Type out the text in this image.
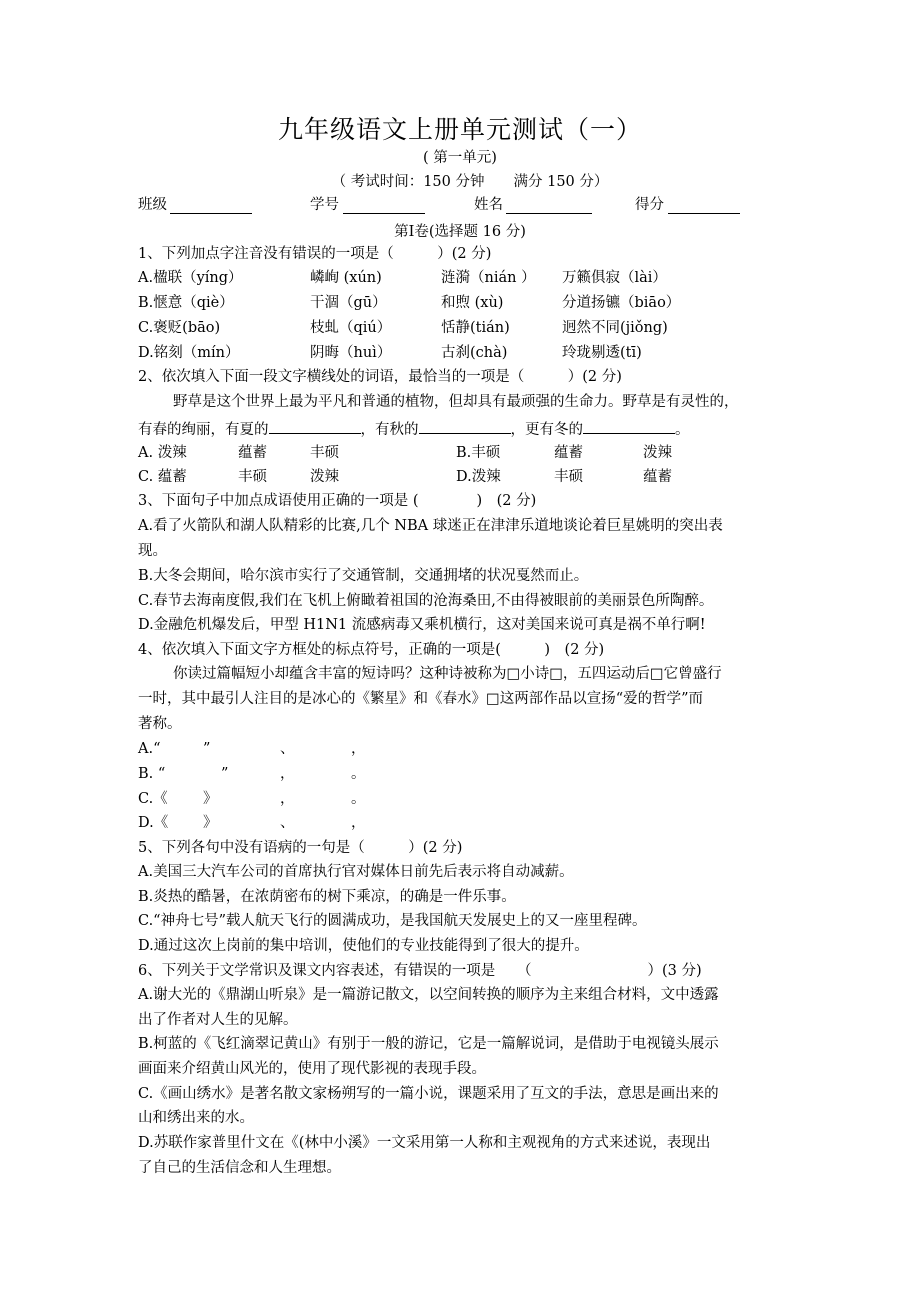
九年级语文上册单元测试（一）
( 第一单元)
（ 考试时间：150 分钟　　满分 150 分）
班级	学号	姓名	得分
第Ⅰ卷(选择题 16 分)
1、下列加点字注音没有错误的一项是（　　　）(2 分)
A.楹联（yíng）	嶙峋 (xún)	涟漪（nián ） 万籁俱寂（lài）
B.惬意（qiè）	干涸（gū）	和煦 (xù)	分道扬镳（biāo）
C.褒贬(bāo)	枝虬（qiú）	恬静(tián)	迥然不同(jiǒng)
D.铭刻（mín）	阴晦（huì）	古刹(chà)	玲珑剔透(tī)
2、依次填入下面一段文字横线处的词语，最恰当的一项是（　　　）(2 分)
野草是这个世界上最为平凡和普通的植物，但却具有最顽强的生命力。野草是有灵性的，
有春的绚丽，有夏的	，有秋的	，更有冬的	。
A. 泼辣	蕴蓄	丰硕	B.丰硕	蕴蓄	泼辣
C. 蕴蓄	丰硕	泼辣	D.泼辣	丰硕	蕴蓄
3、下面句子中加点成语使用正确的一项是 (　　　　)　(2 分)
A.看了火箭队和湖人队精彩的比赛,几个 NBA 球迷正在津津乐道地谈论着巨星姚明的突出表
现。
B.大冬会期间，哈尔滨市实行了交通管制，交通拥堵的状况戛然而止。
C.春节去海南度假,我们在飞机上俯瞰着祖国的沧海桑田,不由得被眼前的美丽景色所陶醉。
D.金融危机爆发后，甲型 H1N1 流感病毒又乘机横行，这对美国来说可真是祸不单行啊!
4、依次填入下面文字方框处的标点符号，正确的一项是(　　　)　(2 分)
你读过篇幅短小却蕴含丰富的短诗吗？这种诗被称为□小诗□，五四运动后□它曾盛行
一时，其中最引人注目的是冰心的《繁星》和《春水》□这两部作品以宣扬“爱的哲学”而
著称。
A.“	”	、	，
B. “	”	，	。
C.《 》	，	。
D.《 》	、	，
5、下列各句中没有语病的一句是（　　　）(2 分)
A.美国三大汽车公司的首席执行官对媒体日前先后表示将自动减薪。
B.炎热的酷暑，在浓荫密布的树下乘凉，的确是一件乐事。
C.“神舟七号”载人航天飞行的圆满成功，是我国航天发展史上的又一座里程碑。
D.通过这次上岗前的集中培训，使他们的专业技能得到了很大的提升。
6、下列关于文学常识及课文内容表述，有错误的一项是　　（　　　　　　　　）(3 分)
A.谢大光的《鼎湖山听泉》是一篇游记散文，以空间转换的顺序为主来组合材料，文中透露
出了作者对人生的见解。
B.柯蓝的《飞红滴翠记黄山》有别于一般的游记，它是一篇解说词，是借助于电视镜头展示
画面来介绍黄山风光的，使用了现代影视的表现手段。
C.《画山绣水》是著名散文家杨朔写的一篇小说，课题采用了互文的手法，意思是画出来的
山和绣出来的水。
D.苏联作家普里什文在《(林中小溪》一文采用第一人称和主观视角的方式来述说，表现出
了自己的生活信念和人生理想。
